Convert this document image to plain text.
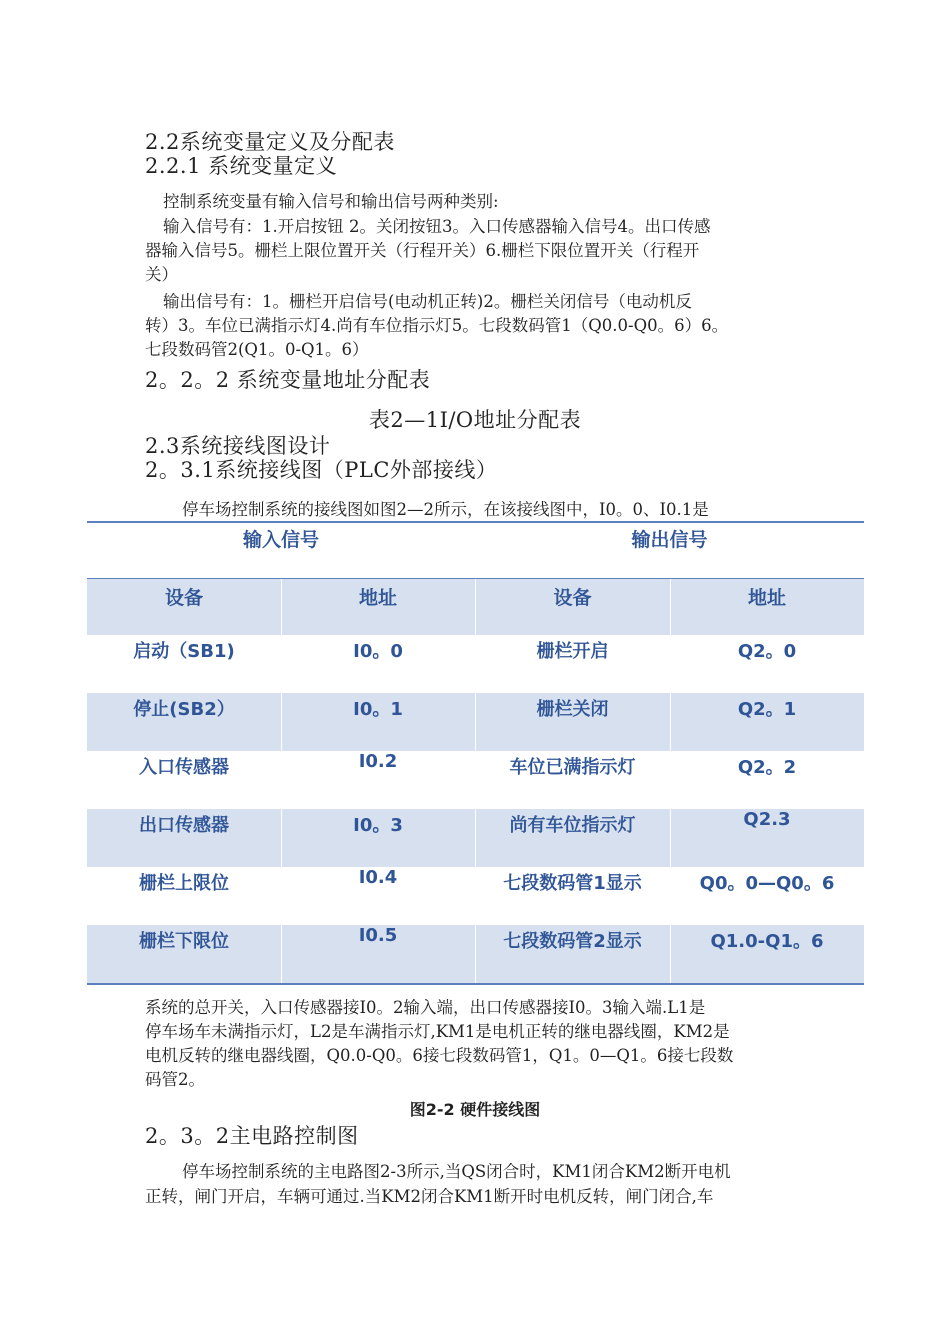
2.2系统变量定义及分配表
2.2.1 系统变量定义
控制系统变量有输入信号和输出信号两种类别:
输入信号有：1.开启按钮 2。关闭按钮3。入口传感器输入信号4。出口传感
器输入信号5。栅栏上限位置开关（行程开关）6.栅栏下限位置开关（行程开
关）
输出信号有：1。栅栏开启信号(电动机正转)2。栅栏关闭信号（电动机反
转）3。车位已满指示灯4.尚有车位指示灯5。七段数码管1（Q0.0-Q0。6）6。
七段数码管2(Q1。0-Q1。6）
2。2。2 系统变量地址分配表
表2—1I/O地址分配表
2.3系统接线图设计
2。3.1系统接线图（PLC外部接线）
停车场控制系统的接线图如图2—2所示，在该接线图中，I0。0、I0.1是
输入信号	输出信号
设备	地址	设备	地址
启动（SB1)	I0。0	栅栏开启	Q2。0
停止(SB2）	I0。1	栅栏关闭	Q2。1
入口传感器	I0.2	车位已满指示灯	Q2。2
出口传感器	I0。3	尚有车位指示灯	Q2.3
栅栏上限位	I0.4	七段数码管1显示	Q0。0—Q0。6
栅栏下限位	I0.5	七段数码管2显示	Q1.0-Q1。6
系统的总开关，入口传感器接I0。2输入端，出口传感器接I0。3输入端.L1是
停车场车未满指示灯，L2是车满指示灯,KM1是电机正转的继电器线圈，KM2是
电机反转的继电器线圈，Q0.0-Q0。6接七段数码管1，Q1。0—Q1。6接七段数
码管2。
图2-2 硬件接线图
2。3。2主电路控制图
停车场控制系统的主电路图2-3所示,当QS闭合时，KM1闭合KM2断开电机
正转，闸门开启，车辆可通过.当KM2闭合KM1断开时电机反转，闸门闭合,车
